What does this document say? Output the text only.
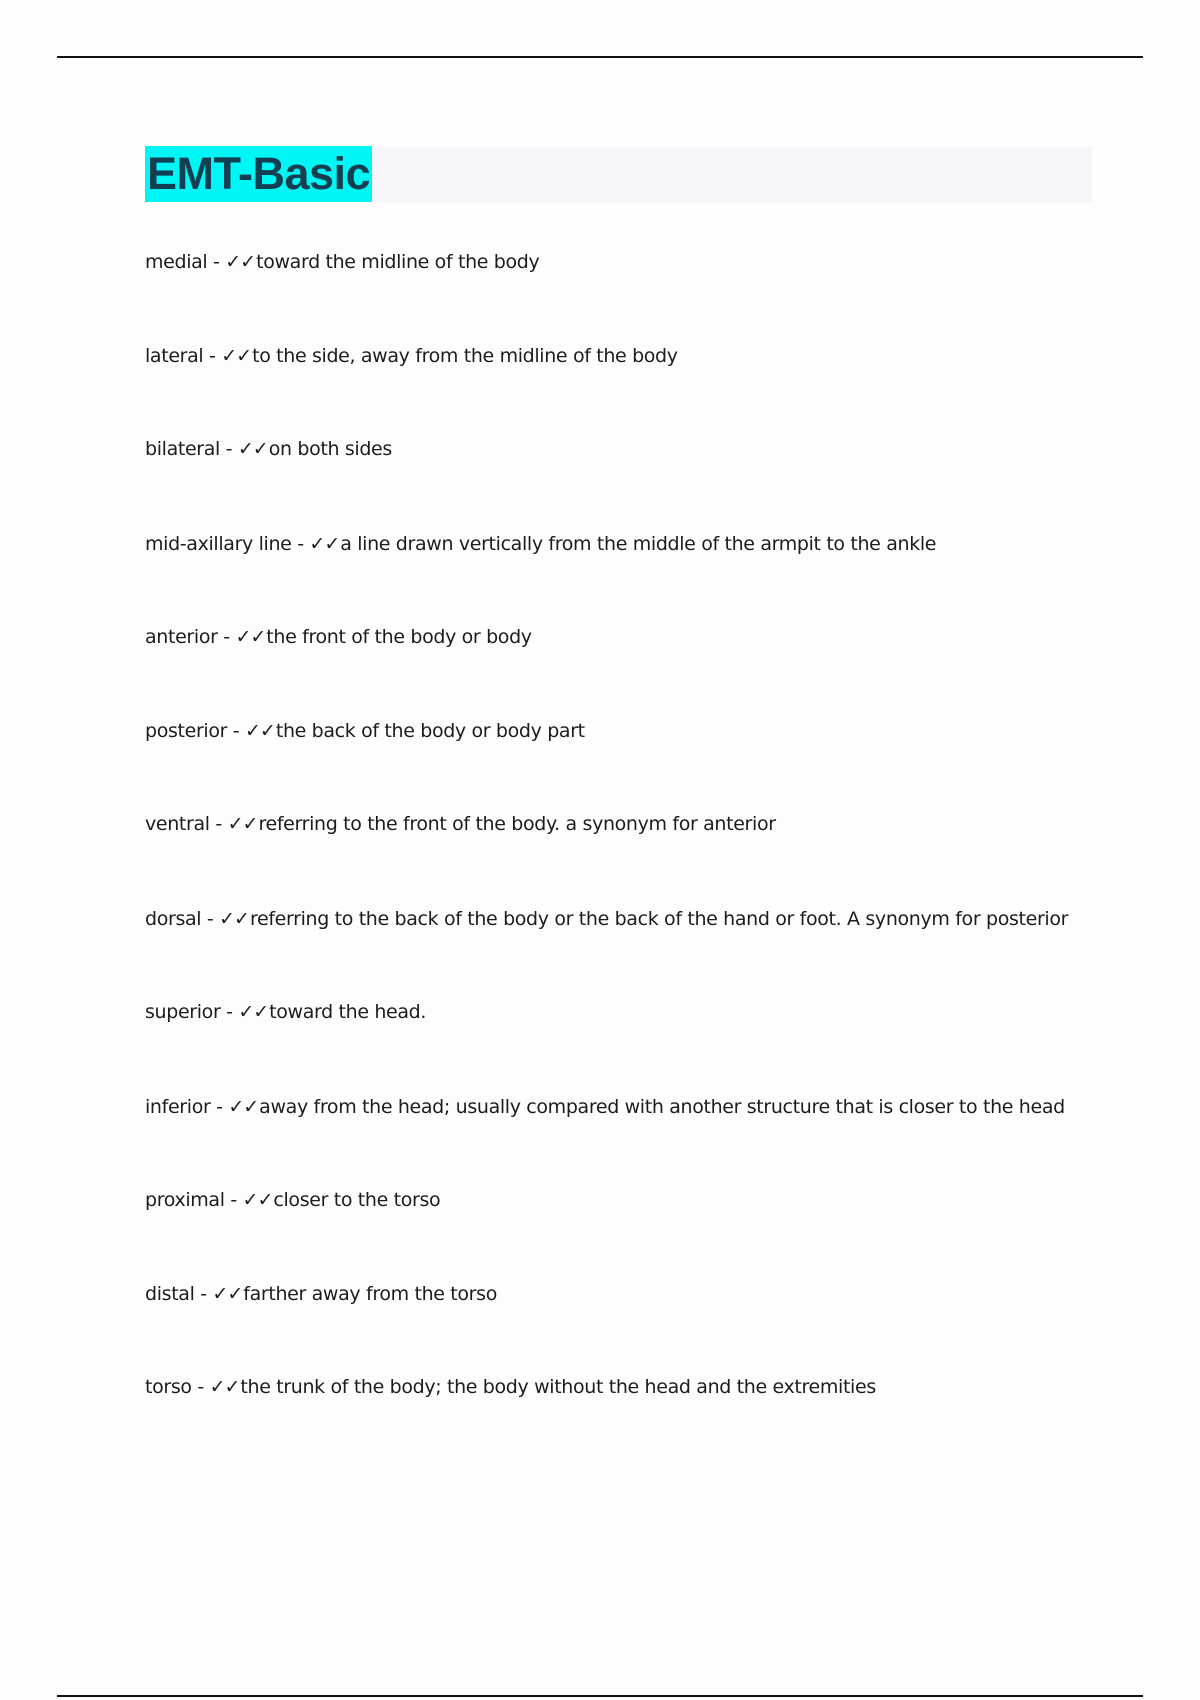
EMT-Basic
medial - ✓✓toward the midline of the body
lateral - ✓✓to the side, away from the midline of the body
bilateral - ✓✓on both sides
mid-axillary line - ✓✓a line drawn vertically from the middle of the armpit to the ankle
anterior - ✓✓the front of the body or body
posterior - ✓✓the back of the body or body part
ventral - ✓✓referring to the front of the body. a synonym for anterior
dorsal - ✓✓referring to the back of the body or the back of the hand or foot. A synonym for posterior
superior - ✓✓toward the head.
inferior - ✓✓away from the head; usually compared with another structure that is closer to the head
proximal - ✓✓closer to the torso
distal - ✓✓farther away from the torso
torso - ✓✓the trunk of the body; the body without the head and the extremities
